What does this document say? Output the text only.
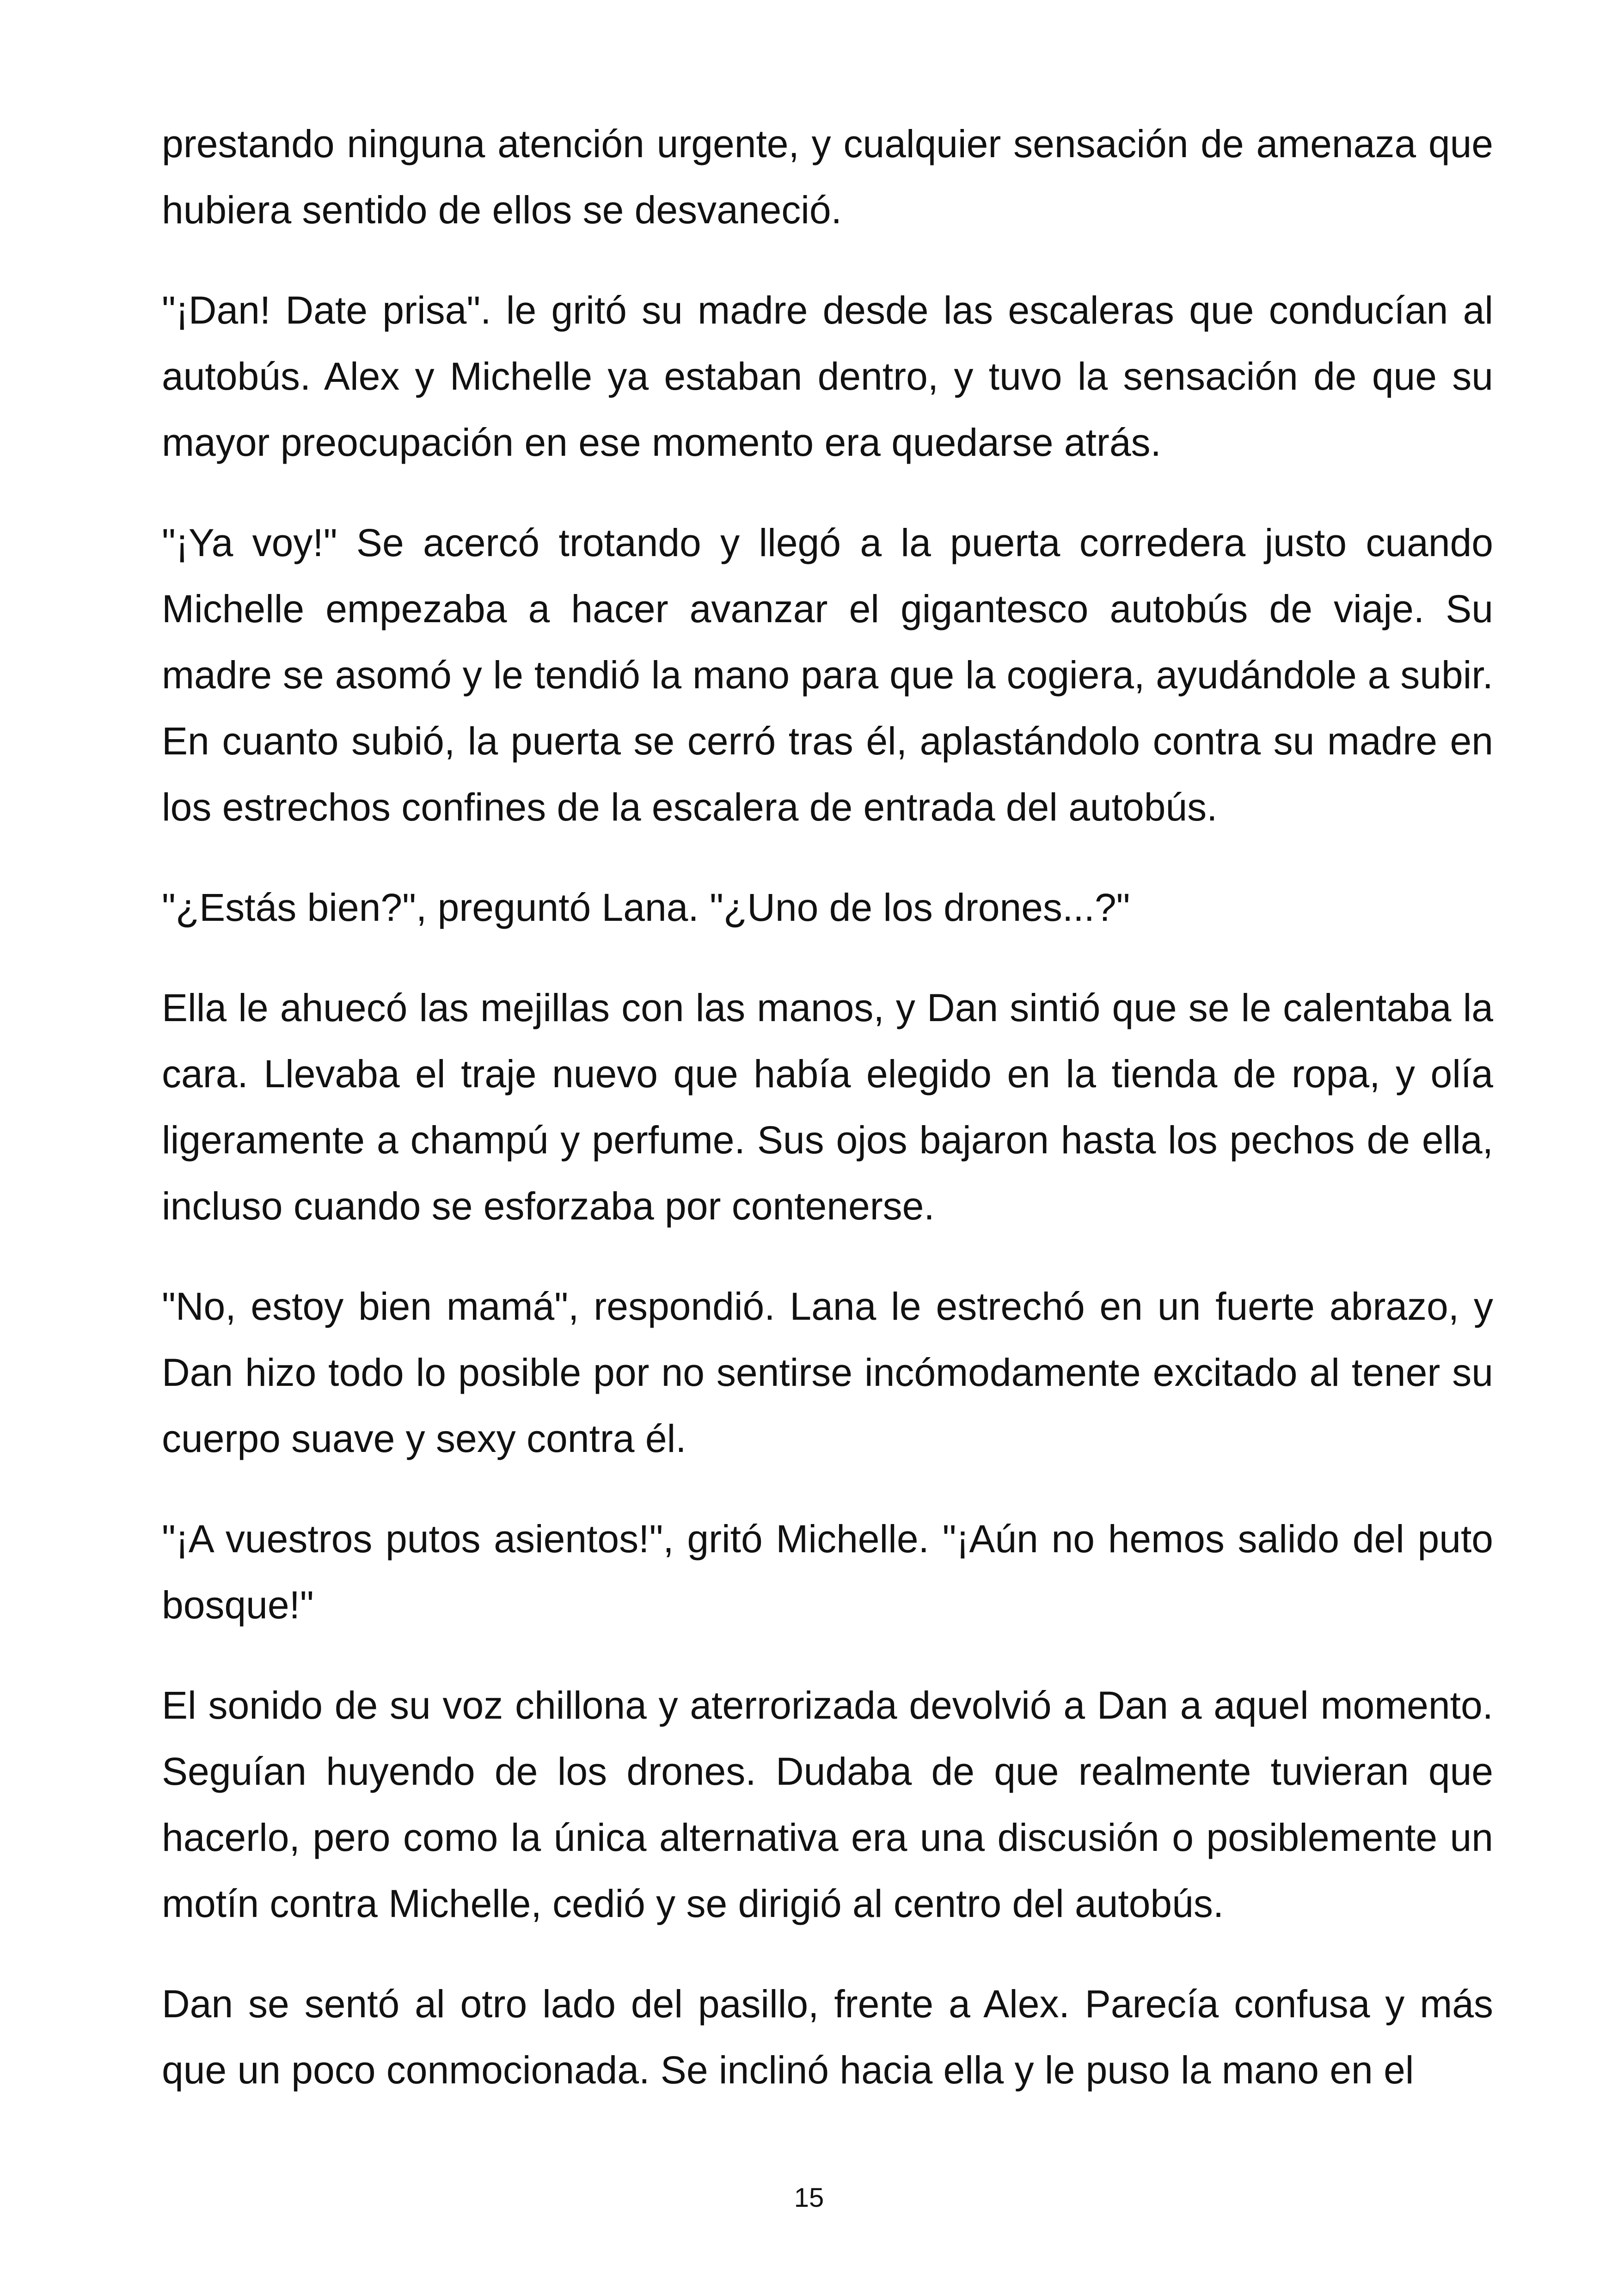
prestando ninguna atención urgente, y cualquier sensación de amenaza que hubiera sentido de ellos se desvaneció.

"¡Dan! Date prisa". le gritó su madre desde las escaleras que conducían al autobús. Alex y Michelle ya estaban dentro, y tuvo la sensación de que su mayor preocupación en ese momento era quedarse atrás.

"¡Ya voy!" Se acercó trotando y llegó a la puerta corredera justo cuando Michelle empezaba a hacer avanzar el gigantesco autobús de viaje. Su madre se asomó y le tendió la mano para que la cogiera, ayudándole a subir. En cuanto subió, la puerta se cerró tras él, aplastándolo contra su madre en los estrechos confines de la escalera de entrada del autobús.

"¿Estás bien?", preguntó Lana. "¿Uno de los drones...?"

Ella le ahuecó las mejillas con las manos, y Dan sintió que se le calentaba la cara. Llevaba el traje nuevo que había elegido en la tienda de ropa, y olía ligeramente a champú y perfume. Sus ojos bajaron hasta los pechos de ella, incluso cuando se esforzaba por contenerse.

"No, estoy bien mamá", respondió. Lana le estrechó en un fuerte abrazo, y Dan hizo todo lo posible por no sentirse incómodamente excitado al tener su cuerpo suave y sexy contra él.

"¡A vuestros putos asientos!", gritó Michelle. "¡Aún no hemos salido del puto bosque!"

El sonido de su voz chillona y aterrorizada devolvió a Dan a aquel momento. Seguían huyendo de los drones. Dudaba de que realmente tuvieran que hacerlo, pero como la única alternativa era una discusión o posiblemente un motín contra Michelle, cedió y se dirigió al centro del autobús.

Dan se sentó al otro lado del pasillo, frente a Alex. Parecía confusa y más que un poco conmocionada. Se inclinó hacia ella y le puso la mano en el

15
